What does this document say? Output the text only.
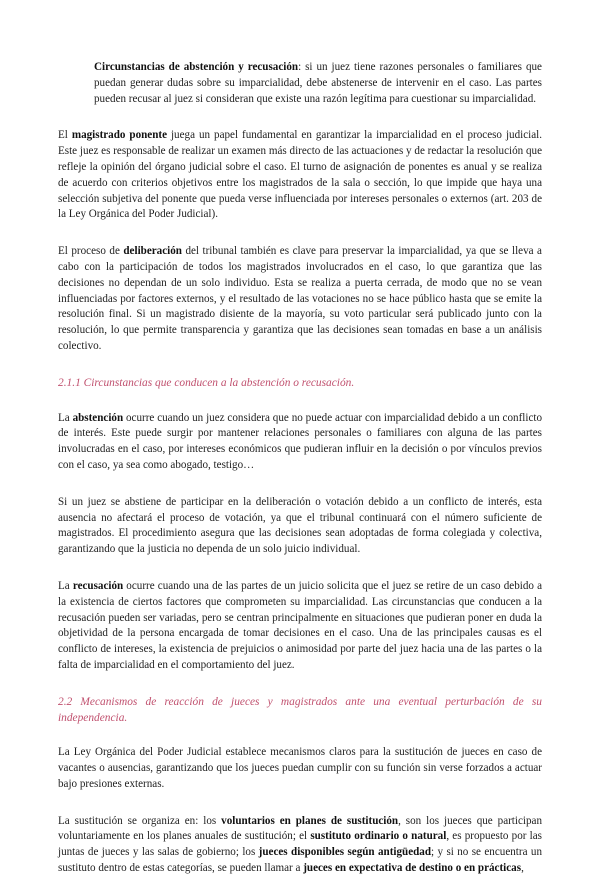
Circunstancias de abstención y recusación: si un juez tiene razones personales o familiares que puedan generar dudas sobre su imparcialidad, debe abstenerse de intervenir en el caso. Las partes pueden recusar al juez si consideran que existe una razón legítima para cuestionar su imparcialidad.

El magistrado ponente juega un papel fundamental en garantizar la imparcialidad en el proceso judicial. Este juez es responsable de realizar un examen más directo de las actuaciones y de redactar la resolución que refleje la opinión del órgano judicial sobre el caso. El turno de asignación de ponentes es anual y se realiza de acuerdo con criterios objetivos entre los magistrados de la sala o sección, lo que impide que haya una selección subjetiva del ponente que pueda verse influenciada por intereses personales o externos (art. 203 de la Ley Orgánica del Poder Judicial).

El proceso de deliberación del tribunal también es clave para preservar la imparcialidad, ya que se lleva a cabo con la participación de todos los magistrados involucrados en el caso, lo que garantiza que las decisiones no dependan de un solo individuo. Esta se realiza a puerta cerrada, de modo que no se vean influenciadas por factores externos, y el resultado de las votaciones no se hace público hasta que se emite la resolución final. Si un magistrado disiente de la mayoría, su voto particular será publicado junto con la resolución, lo que permite transparencia y garantiza que las decisiones sean tomadas en base a un análisis colectivo.

2.1.1 Circunstancias que conducen a la abstención o recusación.

La abstención ocurre cuando un juez considera que no puede actuar con imparcialidad debido a un conflicto de interés. Este puede surgir por mantener relaciones personales o familiares con alguna de las partes involucradas en el caso, por intereses económicos que pudieran influir en la decisión o por vínculos previos con el caso, ya sea como abogado, testigo…

Si un juez se abstiene de participar en la deliberación o votación debido a un conflicto de interés, esta ausencia no afectará el proceso de votación, ya que el tribunal continuará con el número suficiente de magistrados. El procedimiento asegura que las decisiones sean adoptadas de forma colegiada y colectiva, garantizando que la justicia no dependa de un solo juicio individual.

La recusación ocurre cuando una de las partes de un juicio solicita que el juez se retire de un caso debido a la existencia de ciertos factores que comprometen su imparcialidad. Las circunstancias que conducen a la recusación pueden ser variadas, pero se centran principalmente en situaciones que pudieran poner en duda la objetividad de la persona encargada de tomar decisiones en el caso. Una de las principales causas es el conflicto de intereses, la existencia de prejuicios o animosidad por parte del juez hacia una de las partes o la falta de imparcialidad en el comportamiento del juez.

2.2 Mecanismos de reacción de jueces y magistrados ante una eventual perturbación de su independencia.

La Ley Orgánica del Poder Judicial establece mecanismos claros para la sustitución de jueces en caso de vacantes o ausencias, garantizando que los jueces puedan cumplir con su función sin verse forzados a actuar bajo presiones externas.

La sustitución se organiza en: los voluntarios en planes de sustitución, son los jueces que participan voluntariamente en los planes anuales de sustitución; el sustituto ordinario o natural, es propuesto por las juntas de jueces y las salas de gobierno; los jueces disponibles según antigüedad; y si no se encuentra un sustituto dentro de estas categorías, se pueden llamar a jueces en expectativa de destino o en prácticas,
